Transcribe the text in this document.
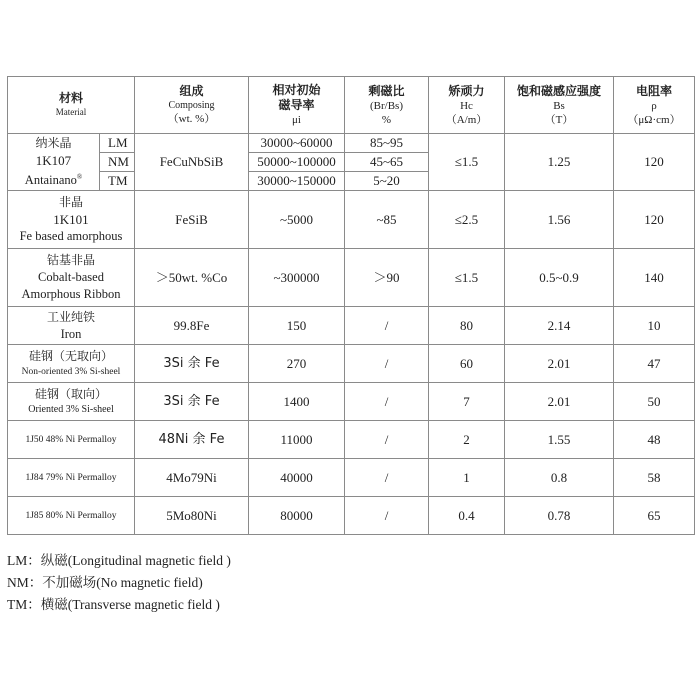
材料
Material		组成
Composing
（wt. %）	相对初始
磁导率
μi	剩磁比
(Br/Bs)
%	矫顽力
Hc
（A/m）	饱和磁感应强度
Bs
（T）	电阻率
ρ
（μΩ·cm）

纳米晶
1K107
Antainano®	LM	FeCuNbSiB	30000~60000	85~95	≤1.5	1.25	120
	NM		50000~100000	45~65			
	TM		30000~150000	5~20			

非晶
1K101
Fe based amorphous		FeSiB	~5000	~85	≤2.5	1.56	120

钴基非晶
Cobalt-based
Amorphous Ribbon		＞50wt. %Co	~300000	＞90	≤1.5	0.5~0.9	140

工业纯铁
Iron		99.8Fe	150	/	80	2.14	10

硅钢（无取向）
Non-oriented 3% Si-sheel		3Si 余 Fe	270	/	60	2.01	47

硅钢（取向）
Oriented 3% Si-sheel		3Si 余 Fe	1400	/	7	2.01	50

1J50 48% Ni Permalloy		48Ni 余 Fe	11000	/	2	1.55	48

1J84 79% Ni Permalloy		4Mo79Ni	40000	/	1	0.8	58

1J85 80% Ni Permalloy		5Mo80Ni	80000	/	0.4	0.78	65
LM：纵磁(Longitudinal magnetic field )
NM：不加磁场(No magnetic field)
TM：横磁(Transverse magnetic field )
